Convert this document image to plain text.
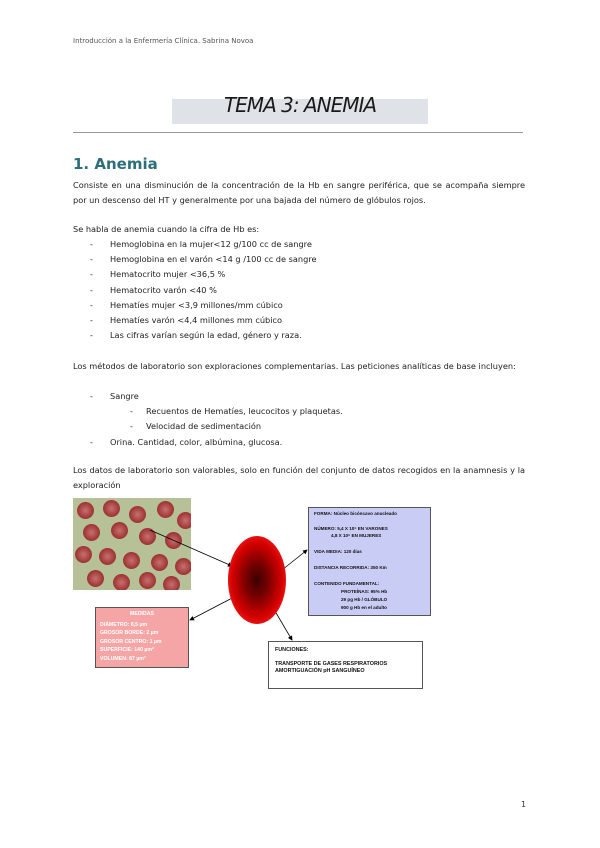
Introducción a la Enfermería Clínica. Sabrina Novoa
TEMA 3: ANEMIA
1. Anemia
Consiste en una disminución de la concentración de la Hb en sangre periférica, que se acompaña siempre por un descenso del HT y generalmente por una bajada del número de glóbulos rojos.
Se habla de anemia cuando la cifra de Hb es:
- Hemoglobina en la mujer<12 g/100 cc de sangre
- Hemoglobina en el varón <14 g /100 cc de sangre
- Hematocrito mujer <36,5 %
- Hematocrito varón <40 %
- Hematíes mujer <3,9 millones/mm cúbico
- Hematíes varón <4,4 millones mm cúbico
- Las cifras varían según la edad, género y raza.
Los métodos de laboratorio son exploraciones complementarias. Las peticiones analíticas de base incluyen:
- Sangre
- Recuentos de Hematíes, leucocitos y plaquetas.
- Velocidad de sedimentación
- Orina. Cantidad, color, albúmina, glucosa.
Los datos de laboratorio son valorables, solo en función del conjunto de datos recogidos en la anamnesis y la exploración
FORMA: Núcleo bicóncavo anucleado
NÚMERO: 5,4 X 10⁶ EN VARONES
4,8 X 10⁶ EN MUJERES
VIDA MEDIA: 120 días
DISTANCIA RECORRIDA: 350 Km
CONTENIDO FUNDAMENTAL:
PROTEÍNAS: 95% Hb
29 pg Hb / GLÓBULO
900 g Hb en el adulto
MEDIDAS
DIÁMETRO: 8,5 µm
GROSOR BORDE: 2 µm
GROSOR CENTRO: 1 µm
SUPERFICIE: 140 µm²
VOLUMEN: 87 µm³
FUNCIONES:
TRANSPORTE DE GASES RESPIRATORIOS
AMORTIGUACIÓN pH SANGUÍNEO
1
